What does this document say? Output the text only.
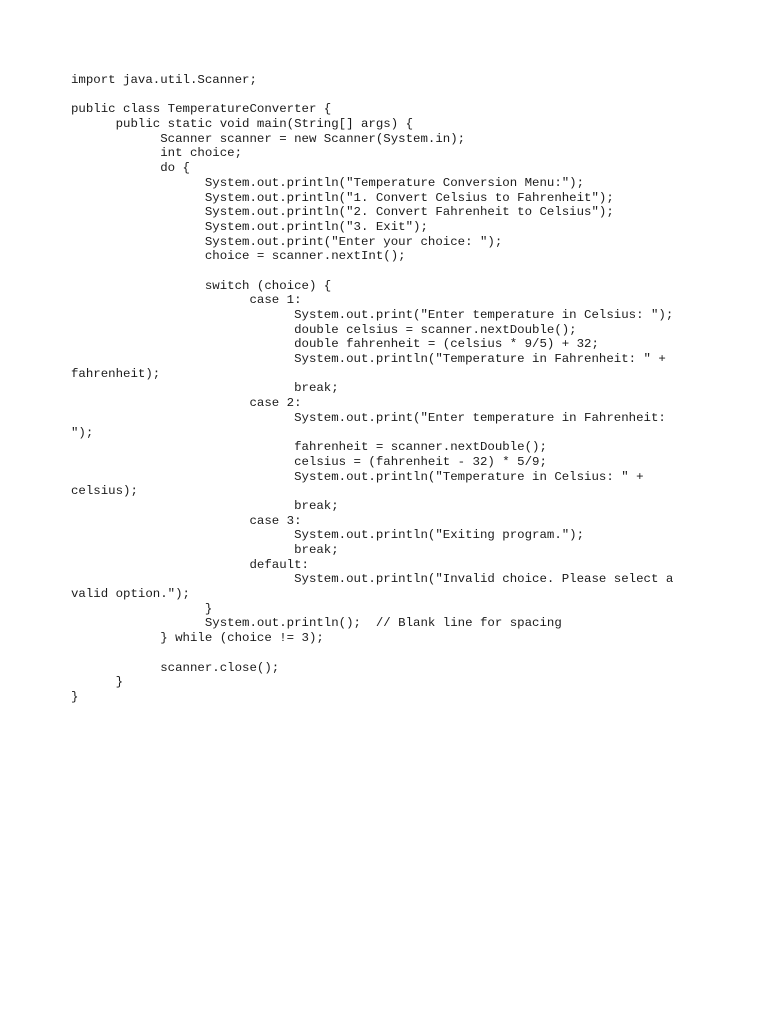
import java.util.Scanner;
public class TemperatureConverter {
public static void main(String[] args) {
Scanner scanner = new Scanner(System.in);
int choice;
do {
System.out.println("Temperature Conversion Menu:");
System.out.println("1. Convert Celsius to Fahrenheit");
System.out.println("2. Convert Fahrenheit to Celsius");
System.out.println("3. Exit");
System.out.print("Enter your choice: ");
choice = scanner.nextInt();
switch (choice) {
case 1:
System.out.print("Enter temperature in Celsius: ");
double celsius = scanner.nextDouble();
double fahrenheit = (celsius * 9/5) + 32;
System.out.println("Temperature in Fahrenheit: " +
fahrenheit);
break;
case 2:
System.out.print("Enter temperature in Fahrenheit:
");
fahrenheit = scanner.nextDouble();
celsius = (fahrenheit - 32) * 5/9;
System.out.println("Temperature in Celsius: " +
celsius);
break;
case 3:
System.out.println("Exiting program.");
break;
default:
System.out.println("Invalid choice. Please select a
valid option.");
}
System.out.println();  // Blank line for spacing
} while (choice != 3);
scanner.close();
}
}
